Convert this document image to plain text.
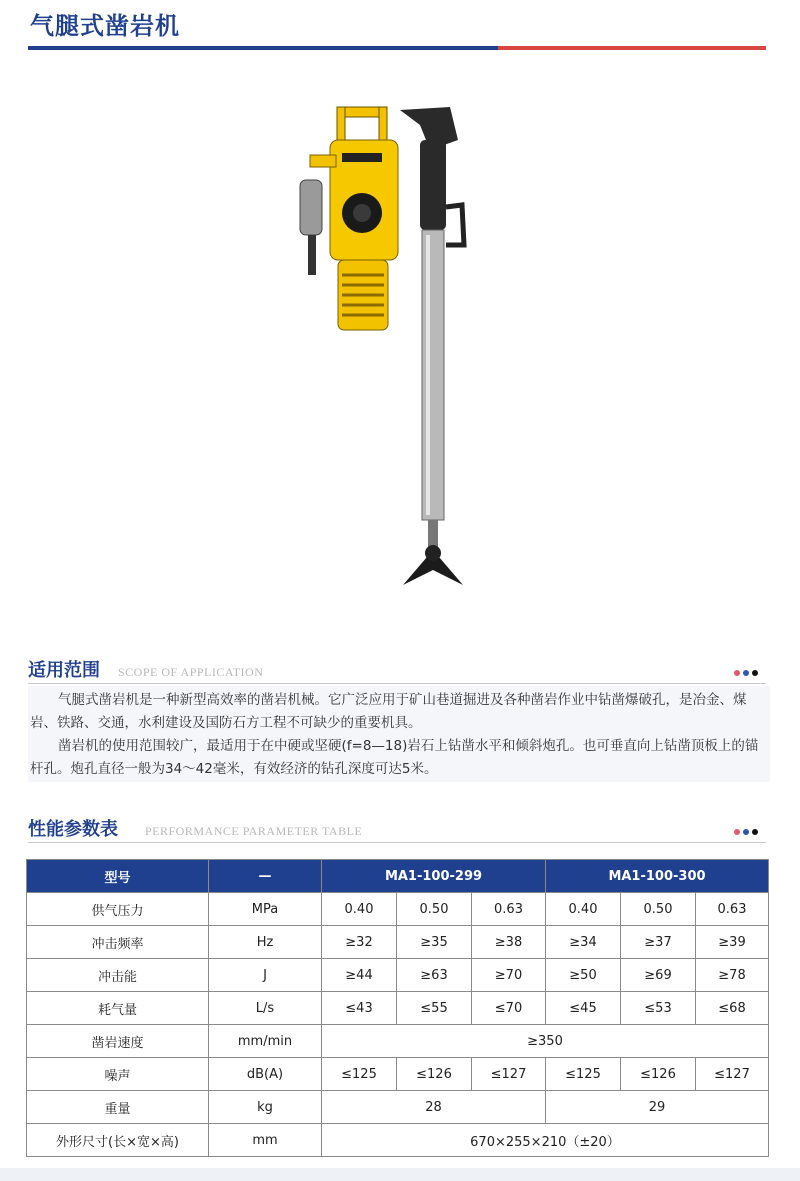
气腿式凿岩机
适用范围 SCOPE OF APPLICATION
气腿式凿岩机是一种新型高效率的凿岩机械。它广泛应用于矿山巷道掘进及各种凿岩作业中钻凿爆破孔，是冶金、煤岩、铁路、交通，水利建设及国防石方工程不可缺少的重要机具。
凿岩机的使用范围较广，最适用于在中硬或坚硬(f=8—18)岩石上钻凿水平和倾斜炮孔。也可垂直向上钻凿顶板上的锚杆孔。炮孔直径一般为34～42毫米，有效经济的钻孔深度可达5米。
性能参数表 PERFORMANCE PARAMETER TABLE
型号	—	MA1-100-299			MA1-100-300		
供气压力	MPa	0.40	0.50	0.63	0.40	0.50	0.63
冲击频率	Hz	≥32	≥35	≥38	≥34	≥37	≥39
冲击能	J	≥44	≥63	≥70	≥50	≥69	≥78
耗气量	L/s	≤43	≤55	≤70	≤45	≤53	≤68
凿岩速度	mm/min	≥350					
噪声	dB(A)	≤125	≤126	≤127	≤125	≤126	≤127
重量	kg	28			29		
外形尺寸(长×宽×高)	mm	670×255×210（±20）					
